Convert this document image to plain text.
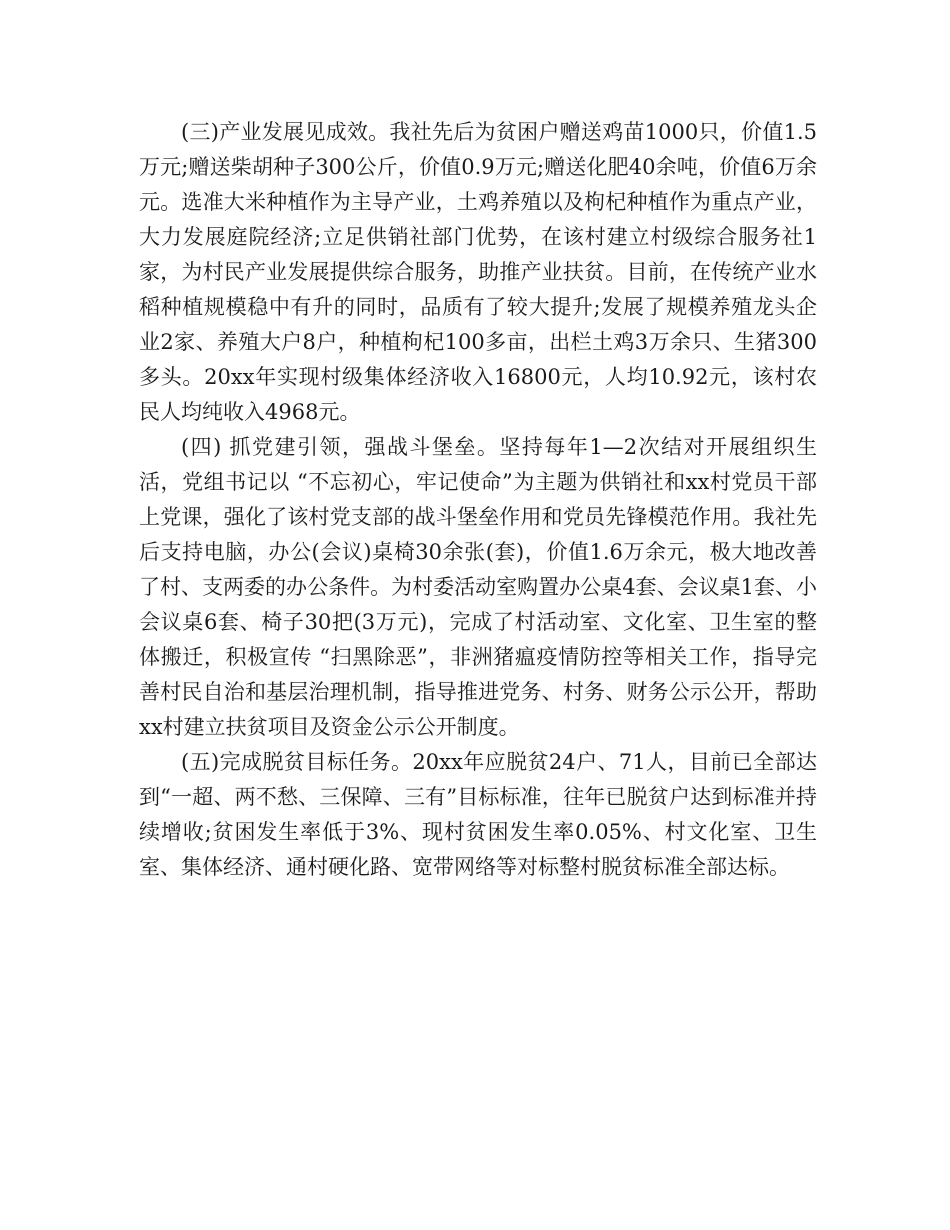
(三)产业发展见成效。我社先后为贫困户赠送鸡苗1000只，价值1.5万元;赠送柴胡种子300公斤，价值0.9万元;赠送化肥40余吨，价值6万余元。选准大米种植作为主导产业，土鸡养殖以及枸杞种植作为重点产业，大力发展庭院经济;立足供销社部门优势，在该村建立村级综合服务社1家，为村民产业发展提供综合服务，助推产业扶贫。目前，在传统产业水稻种植规模稳中有升的同时，品质有了较大提升;发展了规模养殖龙头企业2家、养殖大户8户，种植枸杞100多亩，出栏土鸡3万余只、生猪300多头。20xx年实现村级集体经济收入16800元，人均10.92元，该村农民人均纯收入4968元。

(四) 抓党建引领，强战斗堡垒。坚持每年1—2次结对开展组织生活，党组书记以 “不忘初心，牢记使命”为主题为供销社和xx村党员干部上党课，强化了该村党支部的战斗堡垒作用和党员先锋模范作用。我社先后支持电脑，办公(会议)桌椅30余张(套)，价值1.6万余元，极大地改善了村、支两委的办公条件。为村委活动室购置办公桌4套、会议桌1套、小会议桌6套、椅子30把(3万元)，完成了村活动室、文化室、卫生室的整体搬迁，积极宣传 “扫黑除恶”，非洲猪瘟疫情防控等相关工作，指导完善村民自治和基层治理机制，指导推进党务、村务、财务公示公开，帮助xx村建立扶贫项目及资金公示公开制度。

(五)完成脱贫目标任务。20xx年应脱贫24户、71人，目前已全部达到“一超、两不愁、三保障、三有”目标标准，往年已脱贫户达到标准并持续增收;贫困发生率低于3%、现村贫困发生率0.05%、村文化室、卫生室、集体经济、通村硬化路、宽带网络等对标整村脱贫标准全部达标。
